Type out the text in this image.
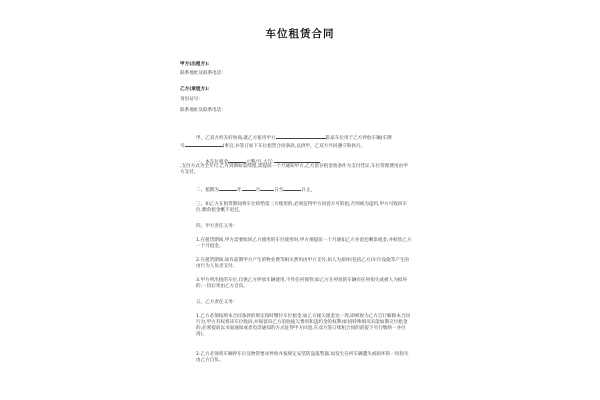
车位租赁合同
甲方(出租方):
联系地址及联系电话:
乙方(承租方):
身份证号:
联系地址及联系电话:
甲、乙双方经友好协商,就乙方租用甲方	私家车位用于乙方停放车辆(车牌
号	)事宜,并签订如下车位租赁合同条款,以供甲、乙双方共同遵守和执行。
一、本车位租金	元整/月,大写:
,支付方式为全年付,乙方到期如需续租,需提前一个月通知甲方,乙方留存租金收条作为支付凭证,车位管理费用由甲方支付。
二、租期为	年	月	日至	日止。
三、如乙方在租赁期间将车位转给第三方使用的,必须征得甲方同意方可转租,否则视为违约,甲方可收回车位,剩余租金概不退还。
四、甲方责任义务:
1.在租赁期间,甲方需要收回乙方使用的车位使用时,甲方须提前一个月通知乙方并退还剩余租金,并赔偿乙方一个月租金。
2.在租赁期间,如有前期甲方产生的物业费等相关费用由甲方支付,如人为损坏(包括乙方)车位设施等产生的由行为人负责支付。
3.甲方所出租的车位,仅供乙方停放车辆使用,不作任何保管;如乙方在停放的车辆有任何损失或被人为损坏的,一切后果由乙方自负。
五、乙方责任义务:
1.乙方必须按照本合同条款的规定按时缴付车位租金,如乙方拖欠租金达一周,即被视为乙方自行解除本合同行为,甲方有权将该车位收回,并保留向乙方追收拖欠费用和违约金的权利(如因特殊情况未能如期交付租金的,必须提前以书面通知或者电话通知的方式征得甲方同意,在双方签订续租合同的前提下另行缴纳一并付清)。
2.乙方必须将车辆停车位及物管要求停放并按规定安装防盗报警器,如发生任何车辆遭失或损坏的一切损失由乙方自负。
